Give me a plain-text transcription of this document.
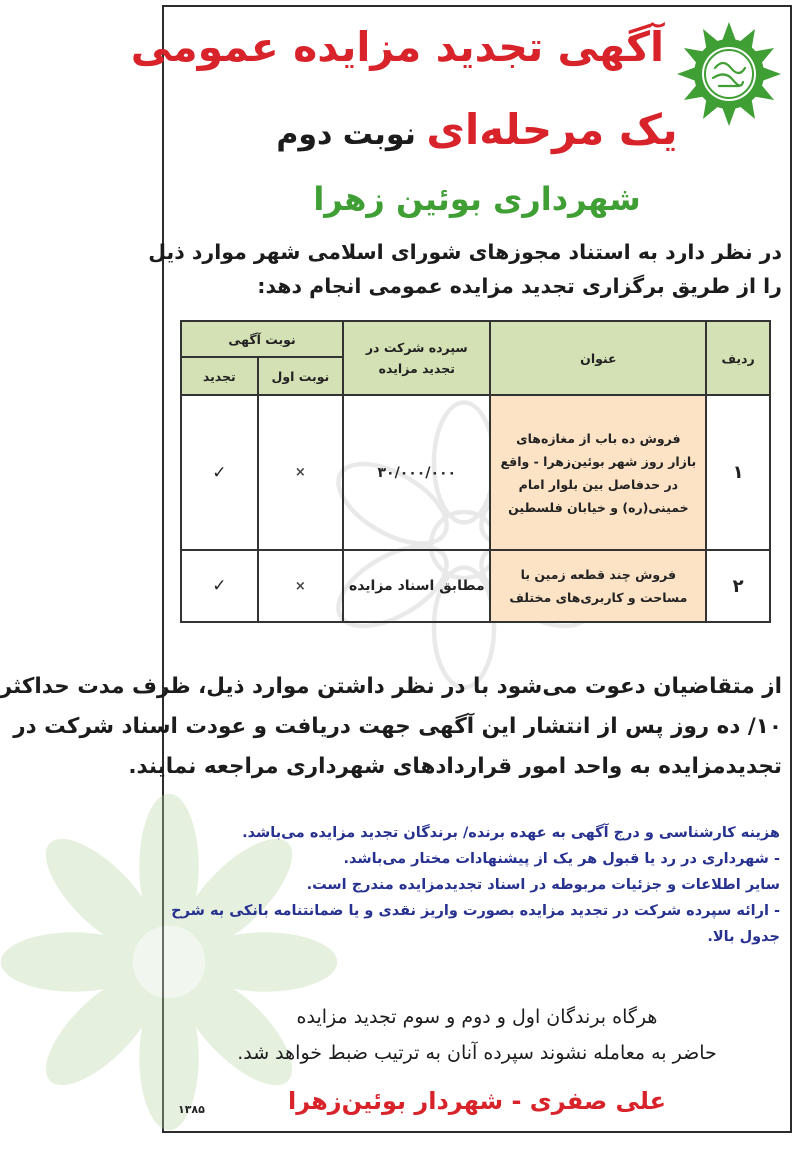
آگهی تجدید مزایده عمومی
یک مرحله‌ای نوبت دوم
شهرداری بوئین زهرا
در نظر دارد به استناد مجوزهای شورای اسلامی شهر موارد ذیل
را از طریق برگزاری تجدید مزایده عمومی انجام دهد:
ردیف	عنوان	سپرده شرکت در
تجدید مزایده	نوبت آگهی	
			نوبت اول	تجدید
۱	فروش ده باب از مغازه‌های
بازار روز شهر بوئین‌زهرا - واقع
در حدفاصل بین بلوار امام
خمینی(ره) و خیابان فلسطین	۳۰/۰۰۰/۰۰۰	×	✓
۲	فروش چند قطعه زمین با
مساحت و کاربری‌های مختلف	مطابق اسناد مزایده	×	✓
از متقاضیان دعوت می‌شود با در نظر داشتن موارد ذیل، ظرف مدت حداکثر
۱۰/ ده روز پس از انتشار این آگهی جهت دریافت و عودت اسناد شرکت در
تجدیدمزایده به واحد امور قراردادهای شهرداری مراجعه نمایند.
هزینه کارشناسی و درج آگهی به عهده برنده/ برندگان تجدید مزایده می‌باشد.
- شهرداری در رد یا قبول هر یک از پیشنهادات مختار می‌باشد.
سایر اطلاعات و جزئیات مربوطه در اسناد تجدیدمزایده مندرج است.
- ارائه سپرده شرکت در تجدید مزایده بصورت واریز نقدی و یا ضمانتنامه بانکی به شرح
جدول بالا.
هرگاه برندگان اول و دوم و سوم تجدید مزایده
حاضر به معامله نشوند سپرده آنان به ترتیب ضبط خواهد شد.
علی صفری - شهردار بوئین‌زهرا
۱۳۸۵
